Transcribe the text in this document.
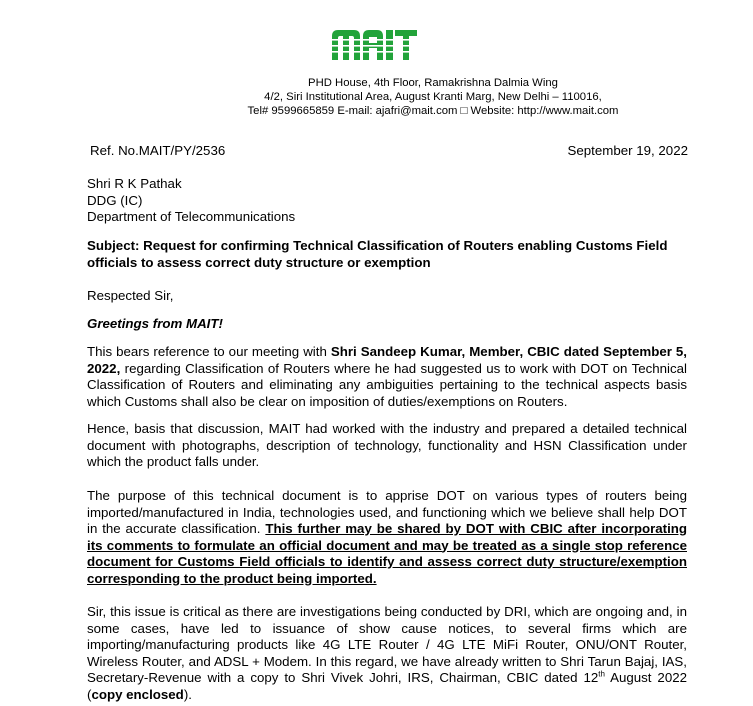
PHD House, 4th Floor, Ramakrishna Dalmia Wing
4/2, Siri Institutional Area, August Kranti Marg, New Delhi – 110016,
Tel# 9599665859 E-mail: ajafri@mait.com □ Website: http://www.mait.com
Ref. No.MAIT/PY/2536	September 19, 2022
Shri R K Pathak
DDG (IC)
Department of Telecommunications
Subject: Request for confirming Technical Classification of Routers enabling Customs Field officials to assess correct duty structure or exemption
Respected Sir,
Greetings from MAIT!
This bears reference to our meeting with Shri Sandeep Kumar, Member, CBIC dated September 5, 2022, regarding Classification of Routers where he had suggested us to work with DOT on Technical Classification of Routers and eliminating any ambiguities pertaining to the technical aspects basis which Customs shall also be clear on imposition of duties/exemptions on Routers.
Hence, basis that discussion, MAIT had worked with the industry and prepared a detailed technical document with photographs, description of technology, functionality and HSN Classification under which the product falls under.
The purpose of this technical document is to apprise DOT on various types of routers being imported/manufactured in India, technologies used, and functioning which we believe shall help DOT in the accurate classification. This further may be shared by DOT with CBIC after incorporating its comments to formulate an official document and may be treated as a single stop reference document for Customs Field officials to identify and assess correct duty structure/exemption corresponding to the product being imported.
Sir, this issue is critical as there are investigations being conducted by DRI, which are ongoing and, in some cases, have led to issuance of show cause notices, to several firms which are importing/manufacturing products like 4G LTE Router / 4G LTE MiFi Router, ONU/ONT Router, Wireless Router, and ADSL + Modem. In this regard, we have already written to Shri Tarun Bajaj, IAS, Secretary-Revenue with a copy to Shri Vivek Johri, IRS, Chairman, CBIC dated 12th August 2022 (copy enclosed).
